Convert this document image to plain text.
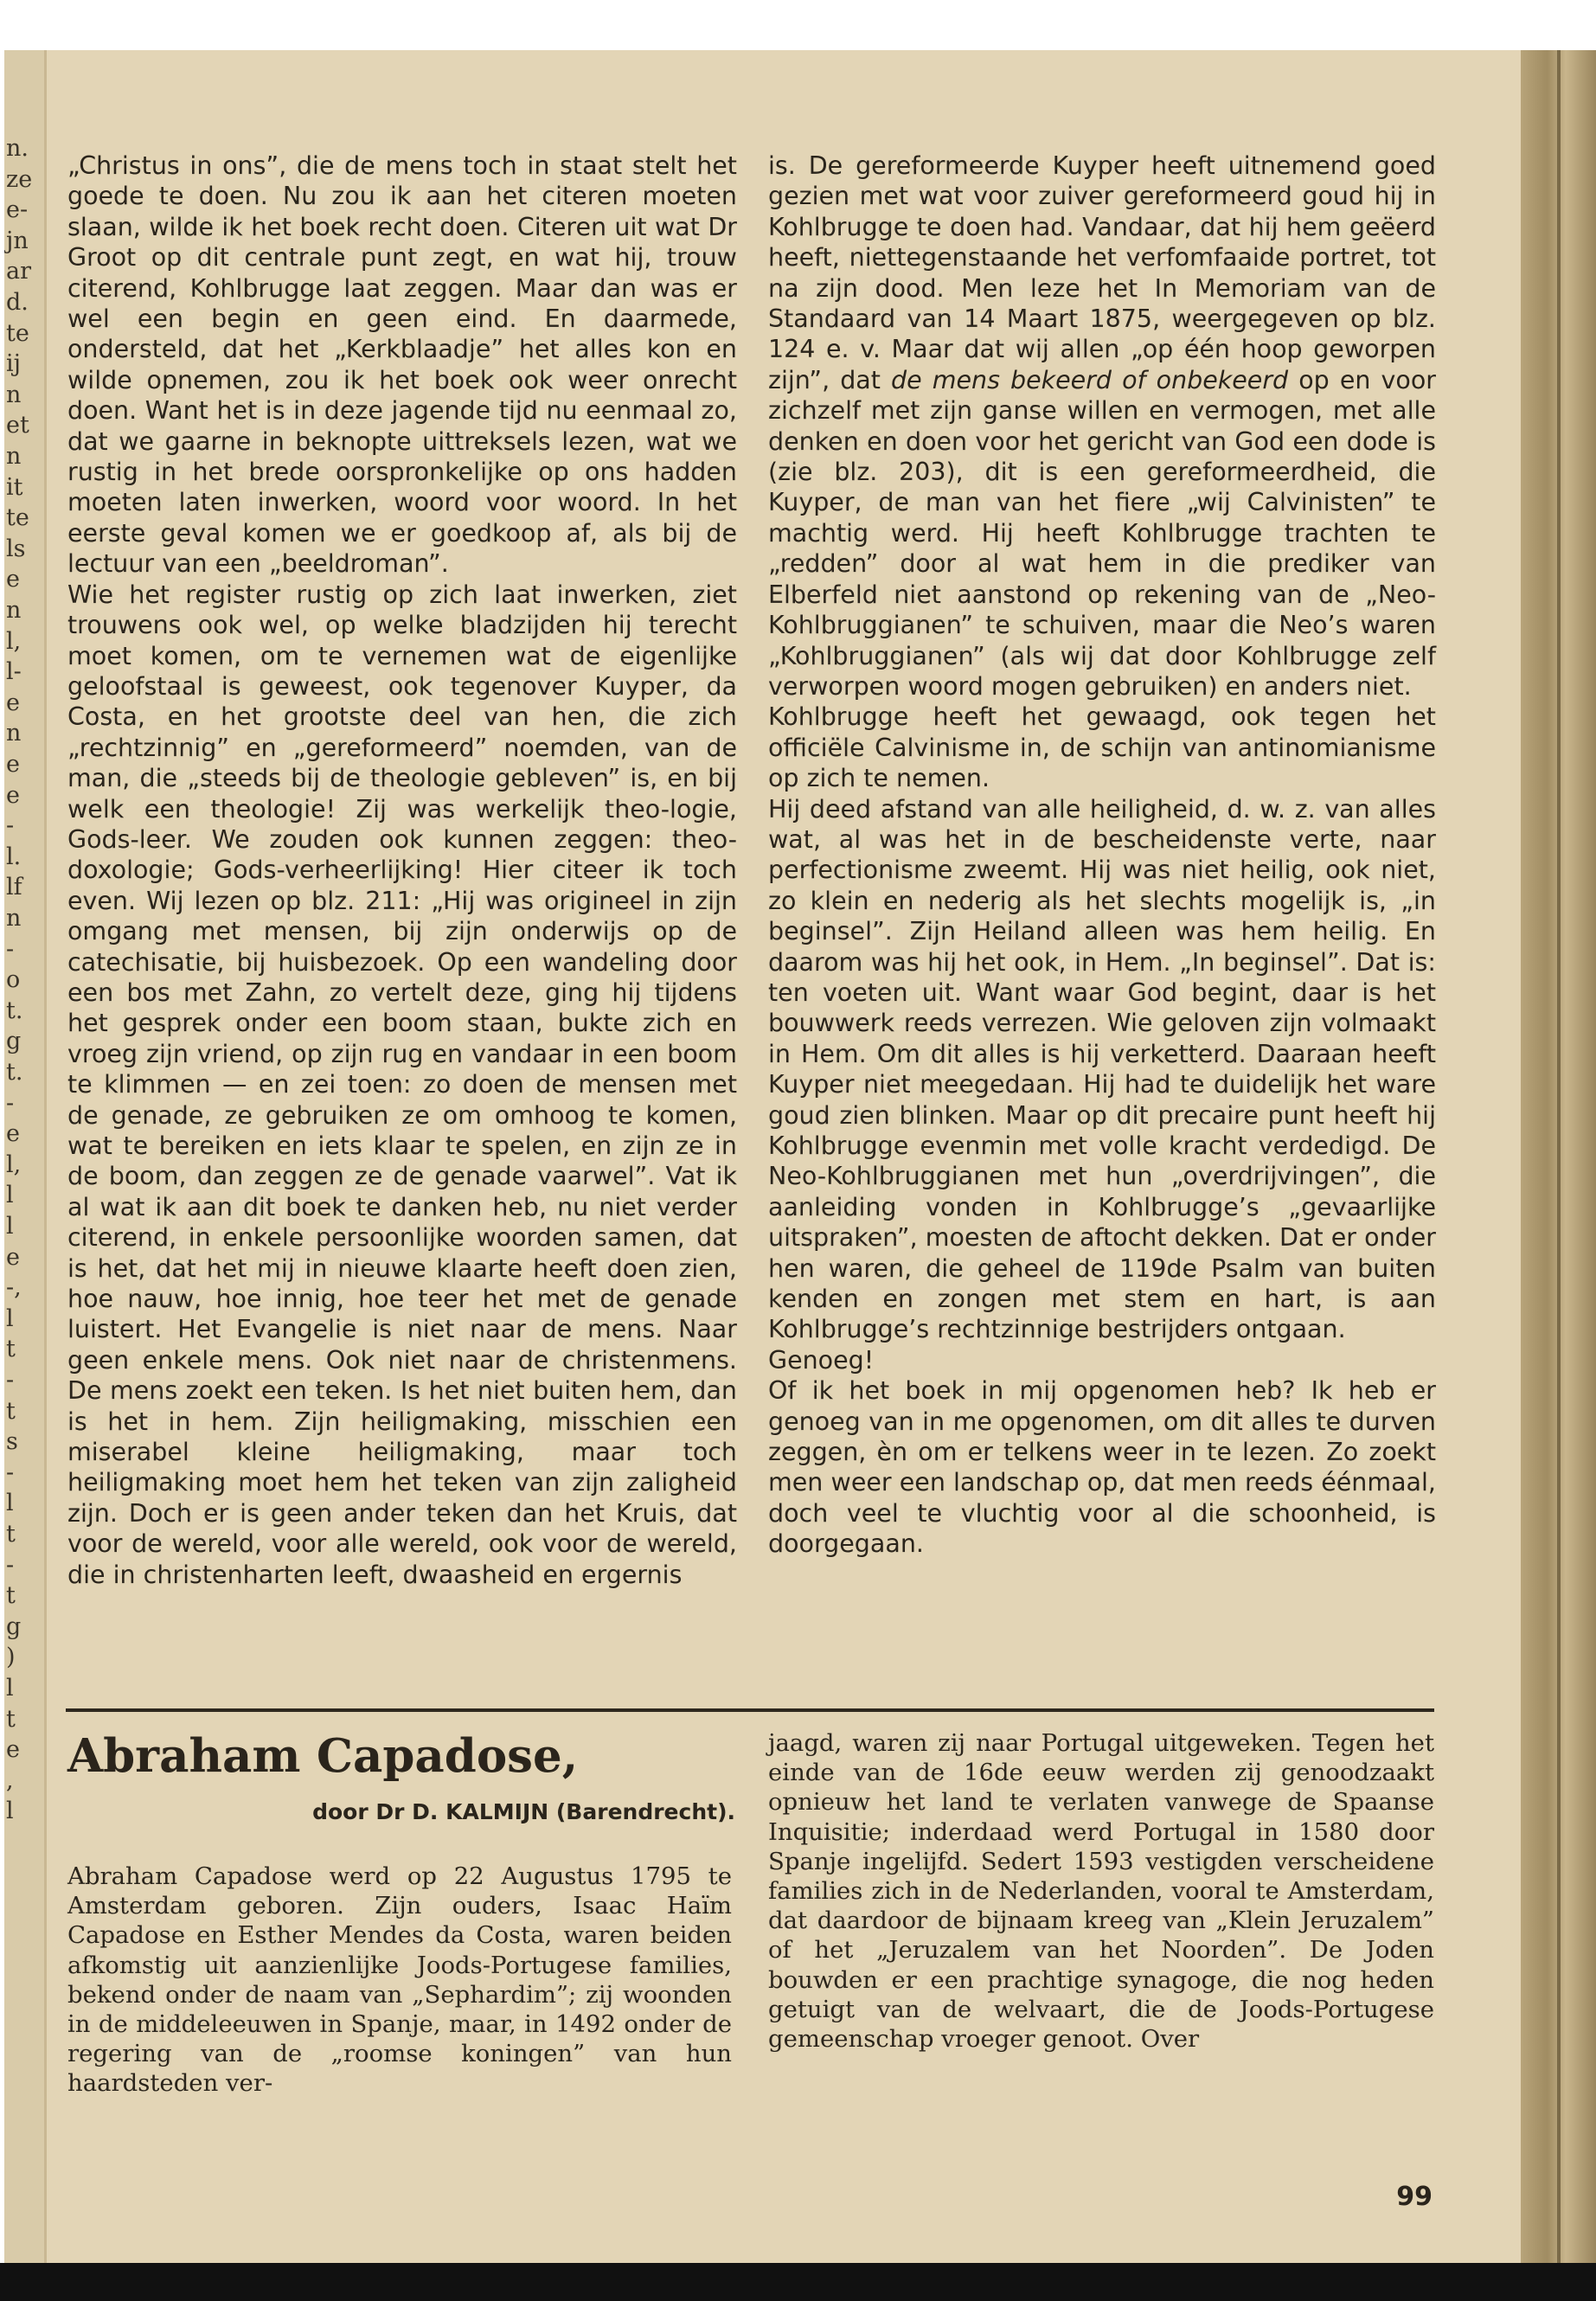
n.
ze
e-
jn
ar
d.
te
ij
n
et
n
it
te
ls
e
n
l,
l-
e
n
e
e
-
l.
lf
n
-
o
t.
g
t.
-
e
l,
l
l
e
-,
l
t
-
t
s
-
l
t
-
t
g
)
l
t
e
,
l

„Christus in ons”, die de mens toch in staat stelt het goede te doen. Nu zou ik aan het citeren moeten slaan, wilde ik het boek recht doen. Citeren uit wat Dr Groot op dit centrale punt zegt, en wat hij, trouw citerend, Kohlbrugge laat zeggen. Maar dan was er wel een begin en geen eind. En daarmede, ondersteld, dat het „Kerkblaadje” het alles kon en wilde opnemen, zou ik het boek ook weer onrecht doen. Want het is in deze jagende tijd nu eenmaal zo, dat we gaarne in beknopte uittreksels lezen, wat we rustig in het brede oorspronkelijke op ons hadden moeten laten inwerken, woord voor woord. In het eerste geval komen we er goedkoop af, als bij de lectuur van een „beeldroman”.

Wie het register rustig op zich laat inwerken, ziet trouwens ook wel, op welke bladzijden hij terecht moet komen, om te vernemen wat de eigenlijke geloofstaal is geweest, ook tegenover Kuyper, da Costa, en het grootste deel van hen, die zich „rechtzinnig” en „gereformeerd” noemden, van de man, die „steeds bij de theologie gebleven” is, en bij welk een theologie! Zij was werkelijk theo-logie, Gods-leer. We zouden ook kunnen zeggen: theo-doxologie; Gods-verheerlijking! Hier citeer ik toch even. Wij lezen op blz. 211: „Hij was origineel in zijn omgang met mensen, bij zijn onderwijs op de catechisatie, bij huisbezoek. Op een wandeling door een bos met Zahn, zo vertelt deze, ging hij tijdens het gesprek onder een boom staan, bukte zich en vroeg zijn vriend, op zijn rug en vandaar in een boom te klimmen — en zei toen: zo doen de mensen met de genade, ze gebruiken ze om omhoog te komen, wat te bereiken en iets klaar te spelen, en zijn ze in de boom, dan zeggen ze de genade vaarwel”. Vat ik al wat ik aan dit boek te danken heb, nu niet verder citerend, in enkele persoonlijke woorden samen, dat is het, dat het mij in nieuwe klaarte heeft doen zien, hoe nauw, hoe innig, hoe teer het met de genade luistert. Het Evangelie is niet naar de mens. Naar geen enkele mens. Ook niet naar de christenmens. De mens zoekt een teken. Is het niet buiten hem, dan is het in hem. Zijn heiligmaking, misschien een miserabel kleine heiligmaking, maar toch heiligmaking moet hem het teken van zijn zaligheid zijn. Doch er is geen ander teken dan het Kruis, dat voor de wereld, voor alle wereld, ook voor de wereld, die in christenharten leeft, dwaasheid en ergernis

is. De gereformeerde Kuyper heeft uitnemend goed gezien met wat voor zuiver gereformeerd goud hij in Kohlbrugge te doen had. Vandaar, dat hij hem geëerd heeft, niettegenstaande het verfomfaaide portret, tot na zijn dood. Men leze het In Memoriam van de Standaard van 14 Maart 1875, weergegeven op blz. 124 e. v. Maar dat wij allen „op één hoop geworpen zijn”, dat de mens bekeerd of onbekeerd op en voor zichzelf met zijn ganse willen en vermogen, met alle denken en doen voor het gericht van God een dode is (zie blz. 203), dit is een gereformeerdheid, die Kuyper, de man van het fiere „wij Calvinisten” te machtig werd. Hij heeft Kohlbrugge trachten te „redden” door al wat hem in die prediker van Elberfeld niet aanstond op rekening van de „Neo-Kohlbruggianen” te schuiven, maar die Neo’s waren „Kohlbruggianen” (als wij dat door Kohlbrugge zelf verworpen woord mogen gebruiken) en anders niet.

Kohlbrugge heeft het gewaagd, ook tegen het officiële Calvinisme in, de schijn van antinomianisme op zich te nemen.

Hij deed afstand van alle heiligheid, d. w. z. van alles wat, al was het in de bescheidenste verte, naar perfectionisme zweemt. Hij was niet heilig, ook niet, zo klein en nederig als het slechts mogelijk is, „in beginsel”. Zijn Heiland alleen was hem heilig. En daarom was hij het ook, in Hem. „In beginsel”. Dat is: ten voeten uit. Want waar God begint, daar is het bouwwerk reeds verrezen. Wie geloven zijn volmaakt in Hem. Om dit alles is hij verketterd. Daaraan heeft Kuyper niet meegedaan. Hij had te duidelijk het ware goud zien blinken. Maar op dit precaire punt heeft hij Kohlbrugge evenmin met volle kracht verdedigd. De Neo-Kohlbruggianen met hun „overdrijvingen”, die aanleiding vonden in Kohlbrugge’s „gevaarlijke uitspraken”, moesten de aftocht dekken. Dat er onder hen waren, die geheel de 119de Psalm van buiten kenden en zongen met stem en hart, is aan Kohlbrugge’s rechtzinnige bestrijders ontgaan.

Genoeg!

Of ik het boek in mij opgenomen heb? Ik heb er genoeg van in me opgenomen, om dit alles te durven zeggen, èn om er telkens weer in te lezen. Zo zoekt men weer een landschap op, dat men reeds éénmaal, doch veel te vluchtig voor al die schoonheid, is doorgegaan.

Abraham Capadose,
door Dr D. KALMIJN (Barendrecht).

Abraham Capadose werd op 22 Augustus 1795 te Amsterdam geboren. Zijn ouders, Isaac Haïm Capadose en Esther Mendes da Costa, waren beiden afkomstig uit aanzienlijke Joods-Portugese families, bekend onder de naam van „Sephardim”; zij woonden in de middeleeuwen in Spanje, maar, in 1492 onder de regering van de „roomse koningen” van hun haardsteden ver-

jaagd, waren zij naar Portugal uitgeweken. Tegen het einde van de 16de eeuw werden zij genoodzaakt opnieuw het land te verlaten vanwege de Spaanse Inquisitie; inderdaad werd Portugal in 1580 door Spanje ingelijfd. Sedert 1593 vestigden verscheidene families zich in de Nederlanden, vooral te Amsterdam, dat daardoor de bijnaam kreeg van „Klein Jeruzalem” of het „Jeruzalem van het Noorden”. De Joden bouwden er een prachtige synagoge, die nog heden getuigt van de welvaart, die de Joods-Portugese gemeenschap vroeger genoot. Over

99
